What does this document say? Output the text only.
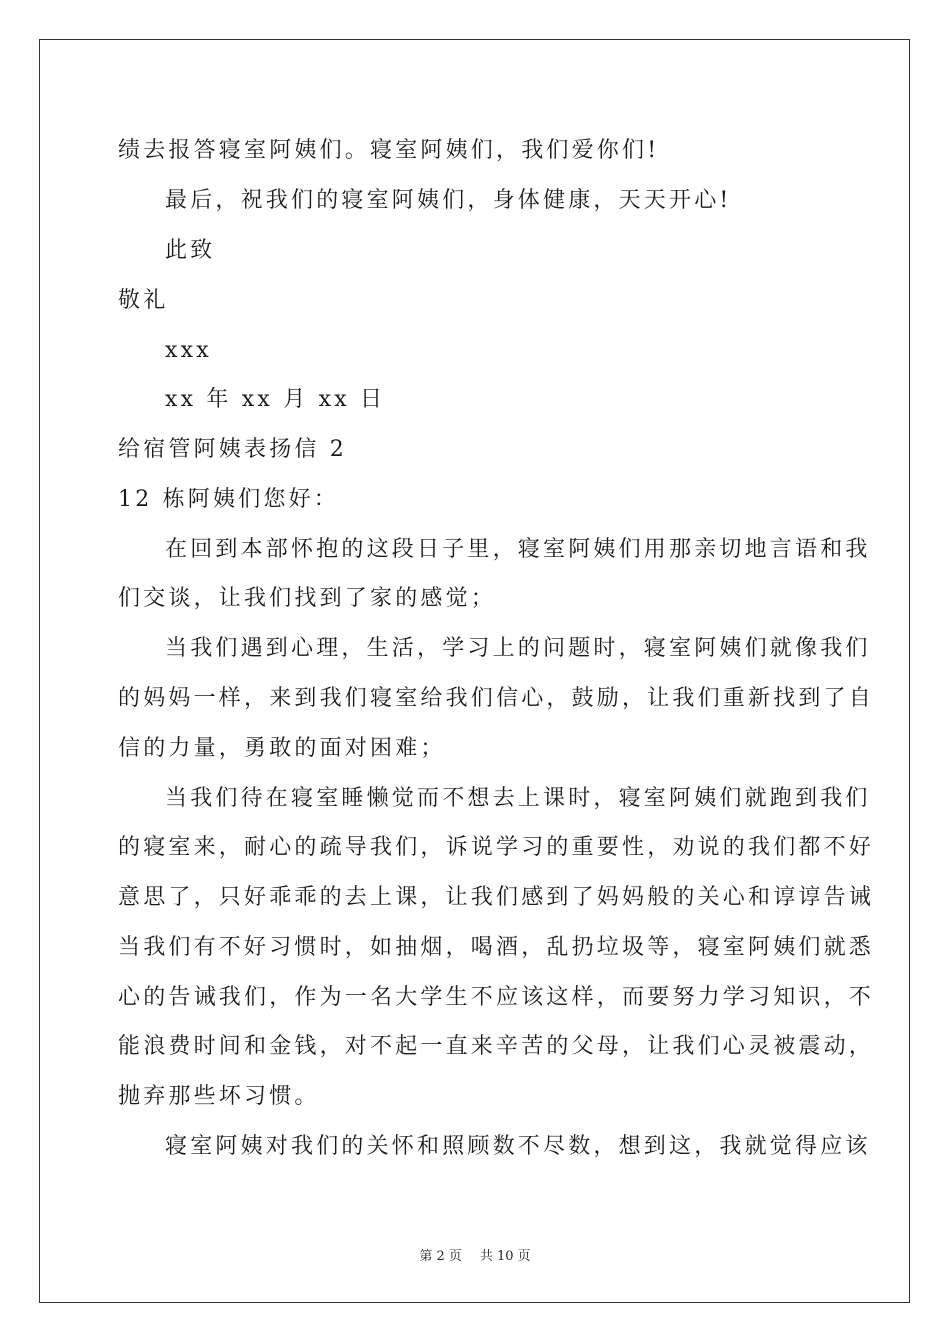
绩去报答寝室阿姨们。寝室阿姨们，我们爱你们!
最后，祝我们的寝室阿姨们，身体健康，天天开心!
此致
敬礼
xxx
xx 年 xx 月 xx 日
给宿管阿姨表扬信 2
12 栋阿姨们您好：
在回到本部怀抱的这段日子里，寝室阿姨们用那亲切地言语和我
们交谈，让我们找到了家的感觉；
当我们遇到心理，生活，学习上的问题时，寝室阿姨们就像我们
的妈妈一样，来到我们寝室给我们信心，鼓励，让我们重新找到了自
信的力量，勇敢的面对困难；
当我们待在寝室睡懒觉而不想去上课时，寝室阿姨们就跑到我们
的寝室来，耐心的疏导我们，诉说学习的重要性，劝说的我们都不好
意思了，只好乖乖的去上课，让我们感到了妈妈般的关心和谆谆告诫
当我们有不好习惯时，如抽烟，喝酒，乱扔垃圾等，寝室阿姨们就悉
心的告诫我们，作为一名大学生不应该这样，而要努力学习知识，不
能浪费时间和金钱，对不起一直来辛苦的父母，让我们心灵被震动，
抛弃那些坏习惯。
寝室阿姨对我们的关怀和照顾数不尽数，想到这，我就觉得应该
第 2 页 共 10 页
